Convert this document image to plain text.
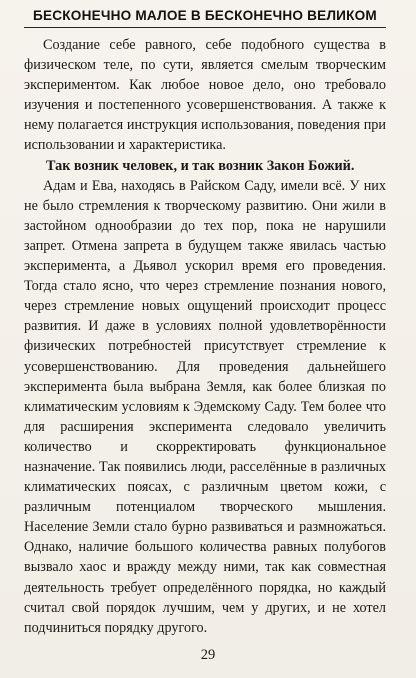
БЕСКОНЕЧНО МАЛОЕ В БЕСКОНЕЧНО ВЕЛИКОМ

Создание себе равного, себе подобного существа в физическом теле, по сути, является смелым творческим экспериментом. Как любое новое дело, оно требовало изучения и постепенного усовершенствования. А также к нему полагается инструкция использования, поведения при использовании и характеристика.

Так возник человек, и так возник Закон Божий.

Адам и Ева, находясь в Райском Саду, имели всё. У них не было стремления к творческому развитию. Они жили в застойном однообразии до тех пор, пока не нарушили запрет. Отмена запрета в будущем также явилась частью эксперимента, а Дьявол ускорил время его проведения. Тогда стало ясно, что через стремление познания нового, через стремление новых ощущений происходит процесс развития. И даже в условиях полной удовлетворённости физических потребностей присутствует стремление к усовершенствованию. Для проведения дальнейшего эксперимента была выбрана Земля, как более близкая по климатическим условиям к Эдемскому Саду. Тем более что для расширения эксперимента следовало увеличить количество и скорректировать функциональное назначение. Так появились люди, расселённые в различных климатических поясах, с различным цветом кожи, с различным потенциалом творческого мышления. Население Земли стало бурно развиваться и размножаться. Однако, наличие большого количества равных полубогов вызвало хаос и вражду между ними, так как совместная деятельность требует определённого порядка, но каждый считал свой порядок лучшим, чем у других, и не хотел подчиниться порядку другого.

29
